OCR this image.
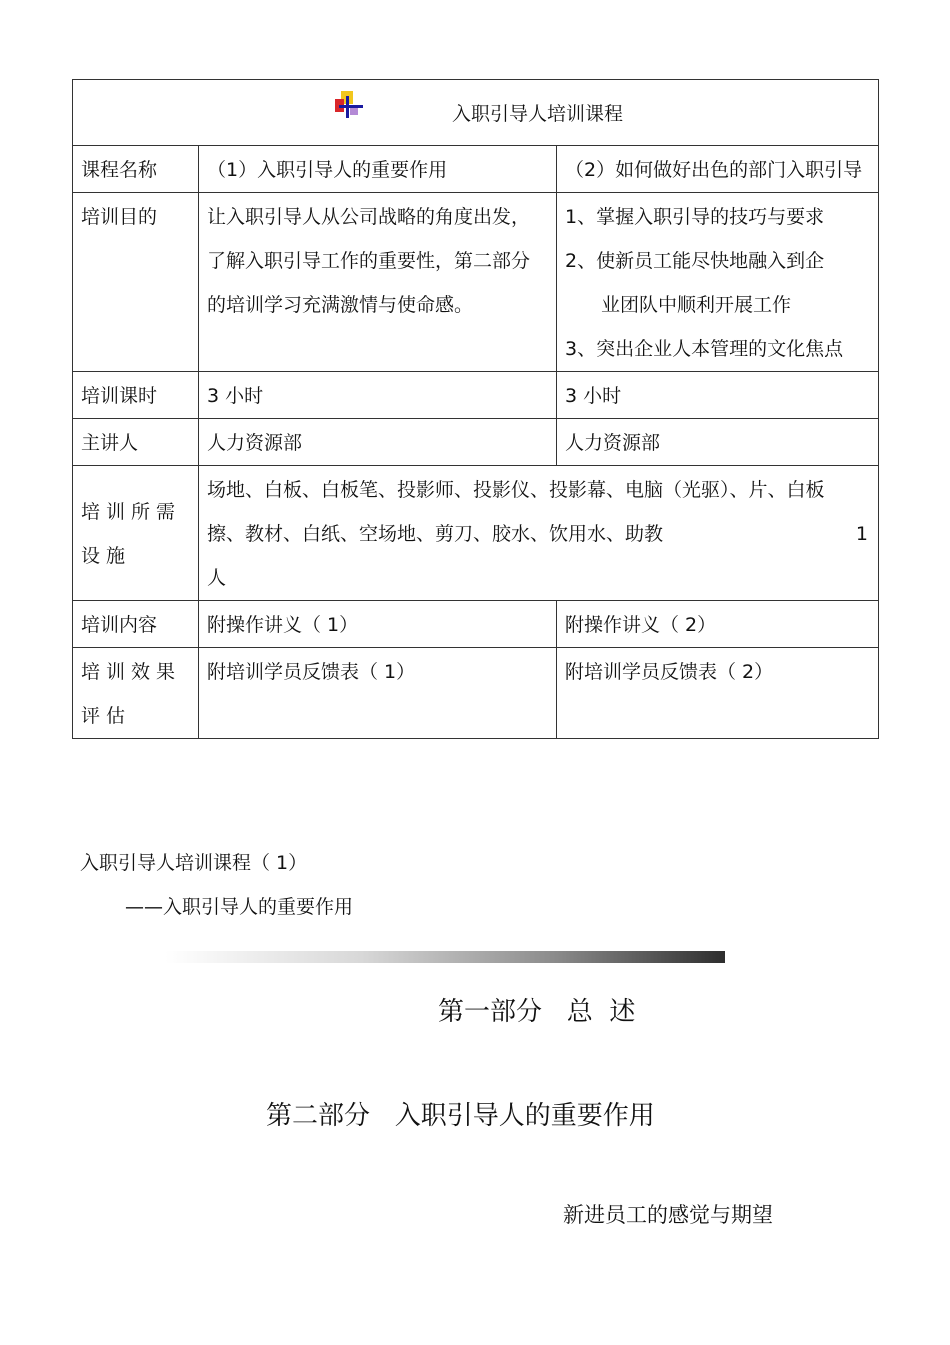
入职引导人培训课程		
课程名称	（1）入职引导人的重要作用	（2）如何做好出色的部门入职引导
培训目的	让入职引导人从公司战略的角度出发，了解入职引导工作的重要性，第二部分的培训学习充满激情与使命感。	1、掌握入职引导的技巧与要求
2、使新员工能尽快地融入到企
业团队中顺利开展工作
3、突出企业人本管理的文化焦点

培训课时	3 小时	3 小时
主讲人	人力资源部	人力资源部
培训所需设施	场地、白板、白板笔、投影师、投影仪、投影幕、电脑（光驱）、片、白板擦、教材、白纸、空场地、剪刀、胶水、饮用水、助教 1
人	

培训内容	附操作讲义（ 1）	附操作讲义（ 2）
培训效果评估	附培训学员反馈表（ 1）	附培训学员反馈表（ 2）
入职引导人培训课程（ 1）
——入职引导人的重要作用
第一部分   总  述
第二部分   入职引导人的重要作用
新进员工的感觉与期望
